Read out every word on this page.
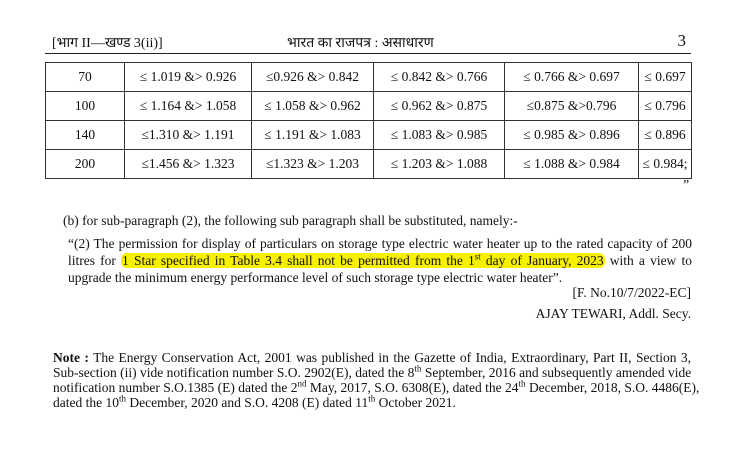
[भाग II—खण्ड 3(ii)]	भारत का राजपत्र : असाधारण	3
70	≤ 1.019 &> 0.926	≤0.926 &> 0.842	≤ 0.842 &> 0.766	≤ 0.766 &> 0.697	≤ 0.697
100	≤ 1.164 &> 1.058	≤ 1.058 &> 0.962	≤ 0.962 &> 0.875	≤0.875 &>0.796	≤ 0.796
140	≤1.310 &> 1.191	≤ 1.191 &> 1.083	≤ 1.083 &> 0.985	≤ 0.985 &> 0.896	≤ 0.896
200	≤1.456 &> 1.323	≤1.323 &> 1.203	≤ 1.203 &> 1.088	≤ 1.088 &> 0.984	≤ 0.984;
”
(b) for sub-paragraph (2), the following sub paragraph shall be substituted, namely:-
“(2) The permission for display of particulars on storage type electric water heater up to the rated capacity of 200
litres for 1 Star specified in Table 3.4 shall not be permitted from the 1st day of January, 2023 with a view to
upgrade the minimum energy performance level of such storage type electric water heater”.
[F. No.10/7/2022-EC]
AJAY TEWARI, Addl. Secy.
Note : The Energy Conservation Act, 2001 was published in the Gazette of India, Extraordinary, Part II, Section 3,
Sub-section (ii) vide notification number S.O. 2902(E), dated the 8th September, 2016 and subsequently amended vide
notification number S.O.1385 (E) dated the 2nd May, 2017, S.O. 6308(E), dated the 24th December, 2018, S.O. 4486(E),
dated the 10th December, 2020 and S.O. 4208 (E) dated 11th October 2021.
